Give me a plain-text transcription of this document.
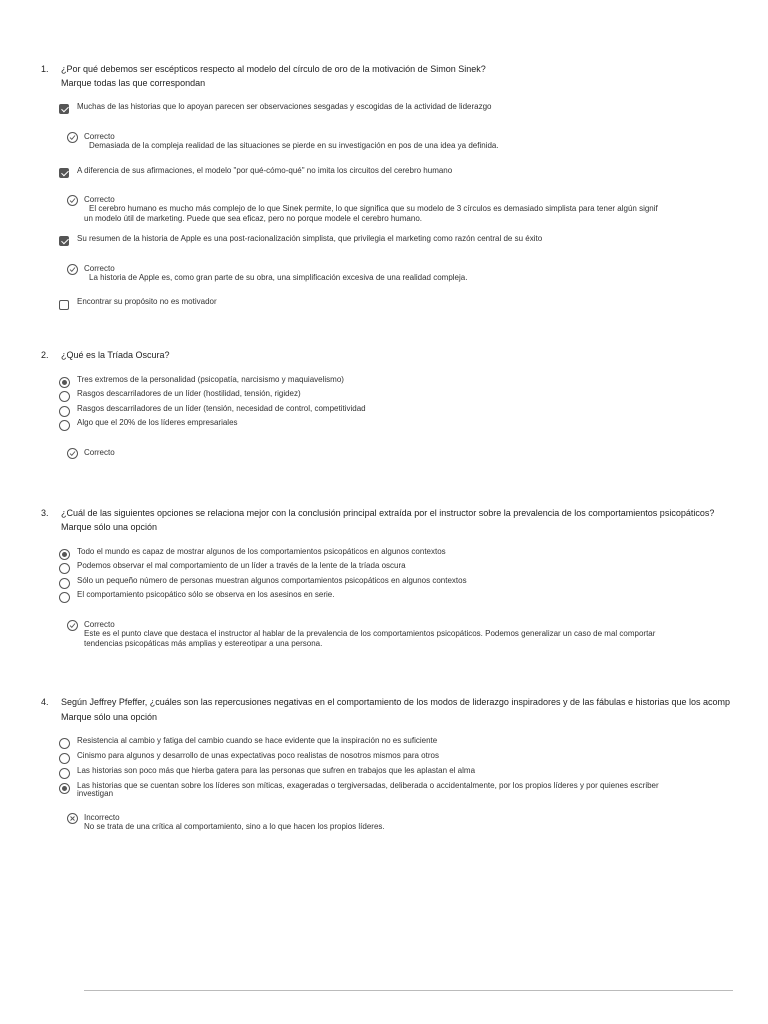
1. ¿Por qué debemos ser escépticos respecto al modelo del círculo de oro de la motivación de Simon Sinek?
Marque todas las que correspondan
Muchas de las historias que lo apoyan parecen ser observaciones sesgadas y escogidas de la actividad de liderazgo
Correcto
Demasiada de la compleja realidad de las situaciones se pierde en su investigación en pos de una idea ya definida.
A diferencia de sus afirmaciones, el modelo "por qué-cómo-qué" no imita los circuitos del cerebro humano
Correcto
El cerebro humano es mucho más complejo de lo que Sinek permite, lo que significa que su modelo de 3 círculos es demasiado simplista para tener algún signif
un modelo útil de marketing. Puede que sea eficaz, pero no porque modele el cerebro humano.
Su resumen de la historia de Apple es una post-racionalización simplista, que privilegia el marketing como razón central de su éxito
Correcto
La historia de Apple es, como gran parte de su obra, una simplificación excesiva de una realidad compleja.
Encontrar su propósito no es motivador
2. ¿Qué es la Tríada Oscura?
Tres extremos de la personalidad (psicopatía, narcisismo y maquiavelismo)
Rasgos descarriladores de un líder (hostilidad, tensión, rigidez)
Rasgos descarriladores de un líder (tensión, necesidad de control, competitividad
Algo que el 20% de los líderes empresariales
Correcto
3. ¿Cuál de las siguientes opciones se relaciona mejor con la conclusión principal extraída por el instructor sobre la prevalencia de los comportamientos psicopáticos?
Marque sólo una opción
Todo el mundo es capaz de mostrar algunos de los comportamientos psicopáticos en algunos contextos
Podemos observar el mal comportamiento de un líder a través de la lente de la tríada oscura
Sólo un pequeño número de personas muestran algunos comportamientos psicopáticos en algunos contextos
El comportamiento psicopático sólo se observa en los asesinos en serie.
Correcto
Este es el punto clave que destaca el instructor al hablar de la prevalencia de los comportamientos psicopáticos. Podemos generalizar un caso de mal comportar
tendencias psicopáticas más amplias y estereotipar a una persona.
4. Según Jeffrey Pfeffer, ¿cuáles son las repercusiones negativas en el comportamiento de los modos de liderazgo inspiradores y de las fábulas e historias que los acomp
Marque sólo una opción
Resistencia al cambio y fatiga del cambio cuando se hace evidente que la inspiración no es suficiente
Cinismo para algunos y desarrollo de unas expectativas poco realistas de nosotros mismos para otros
Las historias son poco más que hierba gatera para las personas que sufren en trabajos que les aplastan el alma
Las historias que se cuentan sobre los líderes son míticas, exageradas o tergiversadas, deliberada o accidentalmente, por los propios líderes y por quienes escriber
investigan
Incorrecto
No se trata de una crítica al comportamiento, sino a lo que hacen los propios líderes.
